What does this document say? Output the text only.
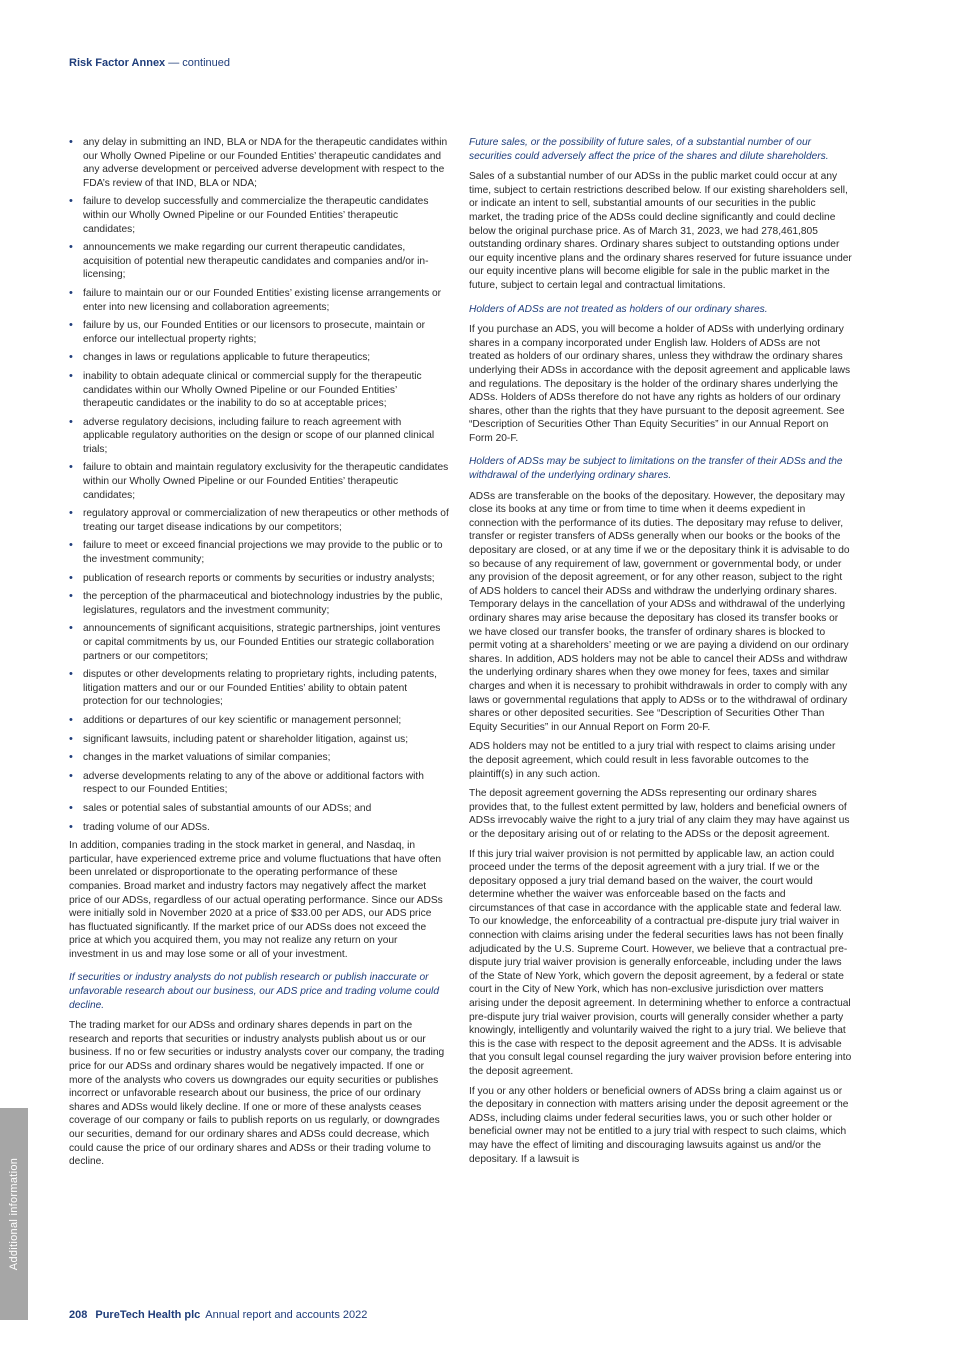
Risk Factor Annex — continued
• any delay in submitting an IND, BLA or NDA for the therapeutic candidates within our Wholly Owned Pipeline or our Founded Entities’ therapeutic candidates and any adverse development or perceived adverse development with respect to the FDA’s review of that IND, BLA or NDA;
• failure to develop successfully and commercialize the therapeutic candidates within our Wholly Owned Pipeline or our Founded Entities’ therapeutic candidates;
• announcements we make regarding our current therapeutic candidates, acquisition of potential new therapeutic candidates and companies and/or in-licensing;
• failure to maintain our or our Founded Entities’ existing license arrangements or enter into new licensing and collaboration agreements;
• failure by us, our Founded Entities or our licensors to prosecute, maintain or enforce our intellectual property rights;
• changes in laws or regulations applicable to future therapeutics;
• inability to obtain adequate clinical or commercial supply for the therapeutic candidates within our Wholly Owned Pipeline or our Founded Entities’ therapeutic candidates or the inability to do so at acceptable prices;
• adverse regulatory decisions, including failure to reach agreement with applicable regulatory authorities on the design or scope of our planned clinical trials;
• failure to obtain and maintain regulatory exclusivity for the therapeutic candidates within our Wholly Owned Pipeline or our Founded Entities’ therapeutic candidates;
• regulatory approval or commercialization of new therapeutics or other methods of treating our target disease indications by our competitors;
• failure to meet or exceed financial projections we may provide to the public or to the investment community;
• publication of research reports or comments by securities or industry analysts;
• the perception of the pharmaceutical and biotechnology industries by the public, legislatures, regulators and the investment community;
• announcements of significant acquisitions, strategic partnerships, joint ventures or capital commitments by us, our Founded Entities our strategic collaboration partners or our competitors;
• disputes or other developments relating to proprietary rights, including patents, litigation matters and our or our Founded Entities’ ability to obtain patent protection for our technologies;
• additions or departures of our key scientific or management personnel;
• significant lawsuits, including patent or shareholder litigation, against us;
• changes in the market valuations of similar companies;
• adverse developments relating to any of the above or additional factors with respect to our Founded Entities;
• sales or potential sales of substantial amounts of our ADSs; and
• trading volume of our ADSs.

In addition, companies trading in the stock market in general, and Nasdaq, in particular, have experienced extreme price and volume fluctuations that have often been unrelated or disproportionate to the operating performance of these companies. Broad market and industry factors may negatively affect the market price of our ADSs, regardless of our actual operating performance. Since our ADSs were initially sold in November 2020 at a price of $33.00 per ADS, our ADS price has fluctuated significantly. If the market price of our ADSs does not exceed the price at which you acquired them, you may not realize any return on your investment in us and may lose some or all of your investment.

If securities or industry analysts do not publish research or publish inaccurate or unfavorable research about our business, our ADS price and trading volume could decline.

The trading market for our ADSs and ordinary shares depends in part on the research and reports that securities or industry analysts publish about us or our business. If no or few securities or industry analysts cover our company, the trading price for our ADSs and ordinary shares would be negatively impacted. If one or more of the analysts who covers us downgrades our equity securities or publishes incorrect or unfavorable research about our business, the price of our ordinary shares and ADSs would likely decline. If one or more of these analysts ceases coverage of our company or fails to publish reports on us regularly, or downgrades our securities, demand for our ordinary shares and ADSs could decrease, which could cause the price of our ordinary shares and ADSs or their trading volume to decline.

Future sales, or the possibility of future sales, of a substantial number of our securities could adversely affect the price of the shares and dilute shareholders.

Sales of a substantial number of our ADSs in the public market could occur at any time, subject to certain restrictions described below. If our existing shareholders sell, or indicate an intent to sell, substantial amounts of our securities in the public market, the trading price of the ADSs could decline significantly and could decline below the original purchase price. As of March 31, 2023, we had 278,461,805 outstanding ordinary shares. Ordinary shares subject to outstanding options under our equity incentive plans and the ordinary shares reserved for future issuance under our equity incentive plans will become eligible for sale in the public market in the future, subject to certain legal and contractual limitations.

Holders of ADSs are not treated as holders of our ordinary shares.

If you purchase an ADS, you will become a holder of ADSs with underlying ordinary shares in a company incorporated under English law. Holders of ADSs are not treated as holders of our ordinary shares, unless they withdraw the ordinary shares underlying their ADSs in accordance with the deposit agreement and applicable laws and regulations. The depositary is the holder of the ordinary shares underlying the ADSs. Holders of ADSs therefore do not have any rights as holders of our ordinary shares, other than the rights that they have pursuant to the deposit agreement. See “Description of Securities Other Than Equity Securities” in our Annual Report on Form 20-F.

Holders of ADSs may be subject to limitations on the transfer of their ADSs and the withdrawal of the underlying ordinary shares.

ADSs are transferable on the books of the depositary. However, the depositary may close its books at any time or from time to time when it deems expedient in connection with the performance of its duties. The depositary may refuse to deliver, transfer or register transfers of ADSs generally when our books or the books of the depositary are closed, or at any time if we or the depositary think it is advisable to do so because of any requirement of law, government or governmental body, or under any provision of the deposit agreement, or for any other reason, subject to the right of ADS holders to cancel their ADSs and withdraw the underlying ordinary shares. Temporary delays in the cancellation of your ADSs and withdrawal of the underlying ordinary shares may arise because the depositary has closed its transfer books or we have closed our transfer books, the transfer of ordinary shares is blocked to permit voting at a shareholders’ meeting or we are paying a dividend on our ordinary shares. In addition, ADS holders may not be able to cancel their ADSs and withdraw the underlying ordinary shares when they owe money for fees, taxes and similar charges and when it is necessary to prohibit withdrawals in order to comply with any laws or governmental regulations that apply to ADSs or to the withdrawal of ordinary shares or other deposited securities. See “Description of Securities Other Than Equity Securities” in our Annual Report on Form 20-F.

ADS holders may not be entitled to a jury trial with respect to claims arising under the deposit agreement, which could result in less favorable outcomes to the plaintiff(s) in any such action.

The deposit agreement governing the ADSs representing our ordinary shares provides that, to the fullest extent permitted by law, holders and beneficial owners of ADSs irrevocably waive the right to a jury trial of any claim they may have against us or the depositary arising out of or relating to the ADSs or the deposit agreement.

If this jury trial waiver provision is not permitted by applicable law, an action could proceed under the terms of the deposit agreement with a jury trial. If we or the depositary opposed a jury trial demand based on the waiver, the court would determine whether the waiver was enforceable based on the facts and circumstances of that case in accordance with the applicable state and federal law. To our knowledge, the enforceability of a contractual pre-dispute jury trial waiver in connection with claims arising under the federal securities laws has not been finally adjudicated by the U.S. Supreme Court. However, we believe that a contractual pre-dispute jury trial waiver provision is generally enforceable, including under the laws of the State of New York, which govern the deposit agreement, by a federal or state court in the City of New York, which has non-exclusive jurisdiction over matters arising under the deposit agreement. In determining whether to enforce a contractual pre-dispute jury trial waiver provision, courts will generally consider whether a party knowingly, intelligently and voluntarily waived the right to a jury trial. We believe that this is the case with respect to the deposit agreement and the ADSs. It is advisable that you consult legal counsel regarding the jury waiver provision before entering into the deposit agreement.

If you or any other holders or beneficial owners of ADSs bring a claim against us or the depositary in connection with matters arising under the deposit agreement or the ADSs, including claims under federal securities laws, you or such other holder or beneficial owner may not be entitled to a jury trial with respect to such claims, which may have the effect of limiting and discouraging lawsuits against us and/or the depositary. If a lawsuit is

Additional information
208 PureTech Health plc Annual report and accounts 2022
